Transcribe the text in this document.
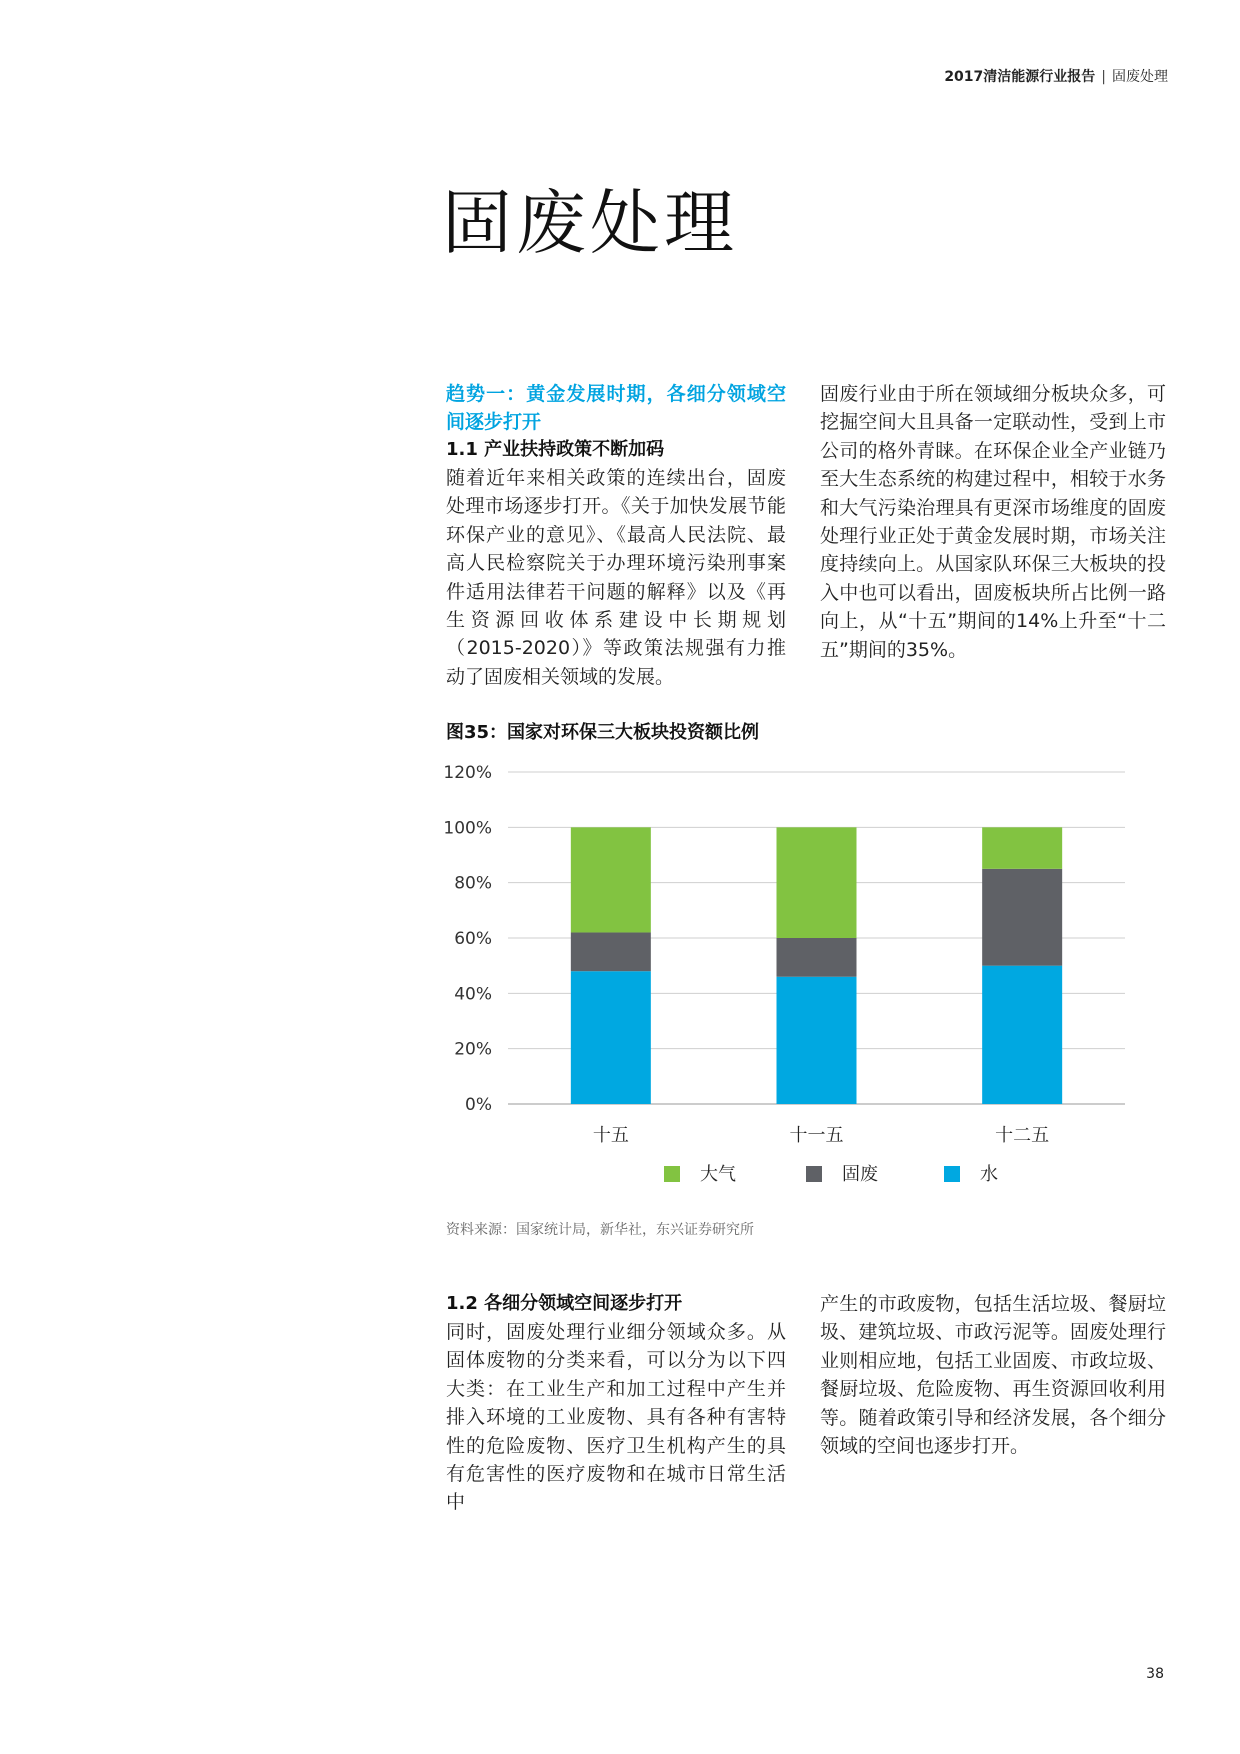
2017清洁能源行业报告 | 固废处理
固废处理

趋势一：黄金发展时期，各细分领域空间逐步打开

1.1 产业扶持政策不断加码

随着近年来相关政策的连续出台，固废处理市场逐步打开。《关于加快发展节能环保产业的意见》、《最高人民法院、最高人民检察院关于办理环境污染刑事案件适用法律若干问题的解释》以及《再生资源回收体系建设中长期规划（2015-2020）》等政策法规强有力推动了固废相关领域的发展。

固废行业由于所在领域细分板块众多，可挖掘空间大且具备一定联动性，受到上市公司的格外青睐。在环保企业全产业链乃至大生态系统的构建过程中，相较于水务和大气污染治理具有更深市场维度的固废处理行业正处于黄金发展时期，市场关注度持续向上。从国家队环保三大板块的投入中也可以看出，固废板块所占比例一路向上，从“十五”期间的14%上升至“十二五”期间的35%。

图35：国家对环保三大板块投资额比例
0%
20%
40%
60%
80%
100%
120%
十五	十一五	十二五
大气	固废	水
资料来源：国家统计局，新华社，东兴证券研究所

1.2 各细分领域空间逐步打开

同时，固废处理行业细分领域众多。从固体废物的分类来看，可以分为以下四大类：在工业生产和加工过程中产生并排入环境的工业废物、具有各种有害特性的危险废物、医疗卫生机构产生的具有危害性的医疗废物和在城市日常生活中

产生的市政废物，包括生活垃圾、餐厨垃圾、建筑垃圾、市政污泥等。固废处理行业则相应地，包括工业固废、市政垃圾、餐厨垃圾、危险废物、再生资源回收利用等。随着政策引导和经济发展，各个细分领域的空间也逐步打开。

38
